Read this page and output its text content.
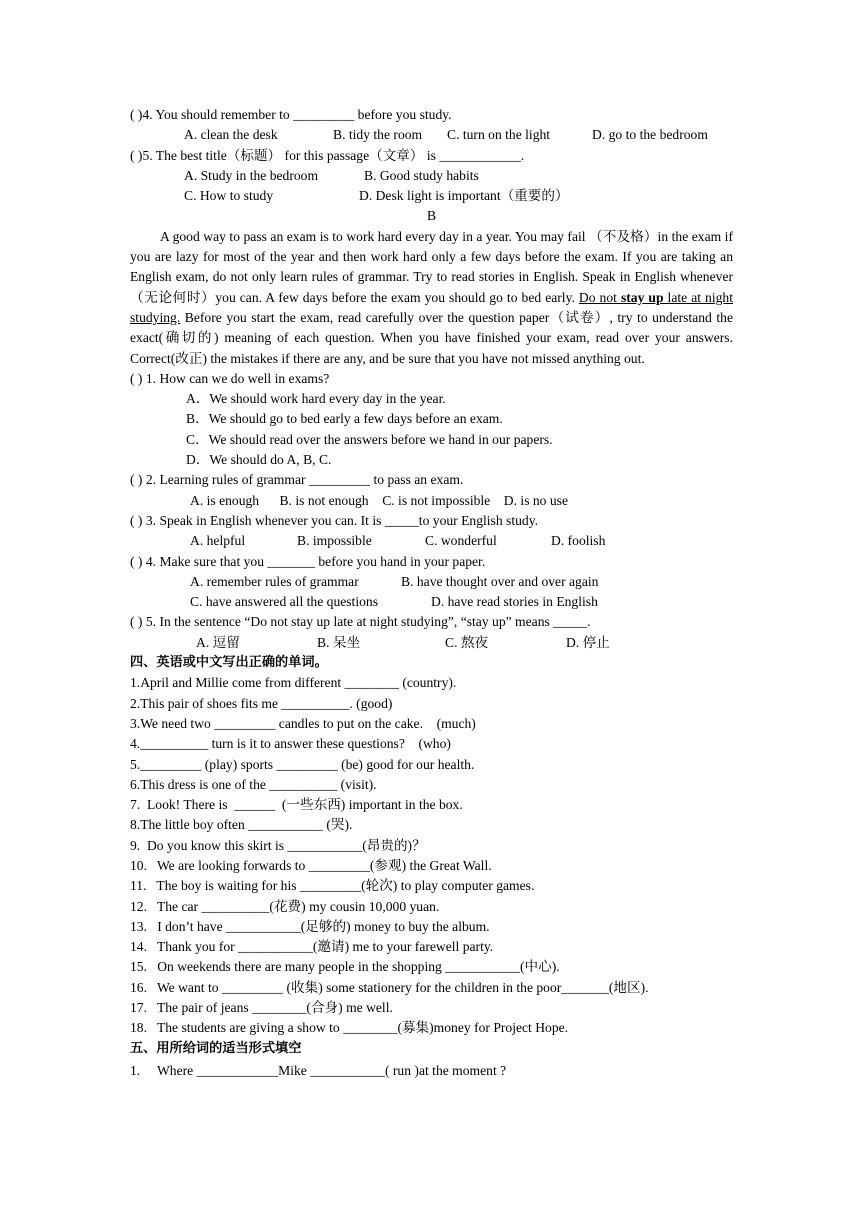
( )4. You should remember to _________ before you study.
A. clean the desk	B. tidy the room	C. turn on the light	D. go to the bedroom
( )5. The best title（标题） for this passage（文章） is ____________.
A. Study in the bedroom	B. Good study habits
C. How to study	D. Desk light is important（重要的）
B
A good way to pass an exam is to work hard every day in a year. You may fail （不及格）in the exam if you are lazy for most of the year and then work hard only a few days before the exam. If you are taking an English exam, do not only learn rules of grammar. Try to read stories in English. Speak in English whenever（无论何时）you can. A few days before the exam you should go to bed early. Do not stay up late at night studying. Before you start the exam, read carefully over the question paper（试卷）, try to understand the exact(确切的) meaning of each question. When you have finished your exam, read over your answers. Correct(改正) the mistakes if there are any, and be sure that you have not missed anything out.
( ) 1. How can we do well in exams?
A．We should work hard every day in the year.
B．We should go to bed early a few days before an exam.
C．We should read over the answers before we hand in our papers.
D．We should do A, B, C.
( ) 2. Learning rules of grammar _________ to pass an exam.
A. is enough      B. is not enough    C. is not impossible    D. is no use
( ) 3. Speak in English whenever you can. It is _____to your English study.
A. helpful	B. impossible	C. wonderful	D. foolish
( ) 4. Make sure that you _______ before you hand in your paper.
A. remember rules of grammar	B. have thought over and over again
C. have answered all the questions	D. have read stories in English
( ) 5. In the sentence “Do not stay up late at night studying”, “stay up” means _____.
A. 逗留	B. 呆坐	C. 熬夜	D. 停止
四、英语或中文写出正确的单词。
1.April and Millie come from different ________ (country).
2.This pair of shoes fits me __________. (good)
3.We need two _________ candles to put on the cake.    (much)
4.__________ turn is it to answer these questions?    (who)
5._________ (play) sports _________ (be) good for our health.
6.This dress is one of the __________ (visit).
7.  Look! There is  ______  (一些东西) important in the box.
8.The little boy often ___________ (哭).
9.  Do you know this skirt is ___________(昂贵的)？
10.   We are looking forwards to _________(参观) the Great Wall.
11.   The boy is waiting for his _________(轮次) to play computer games.
12.   The car __________(花费) my cousin 10,000 yuan.
13.   I don’t have ___________(足够的) money to buy the album.
14.   Thank you for ___________(邀请) me to your farewell party.
15.   On weekends there are many people in the shopping ___________(中心).
16.   We want to _________ (收集) some stationery for the children in the poor_______(地区).
17.   The pair of jeans ________(合身) me well.
18.   The students are giving a show to ________(募集)money for Project Hope.
五、用所给词的适当形式填空
1.     Where ____________Mike ___________( run )at the moment ?
